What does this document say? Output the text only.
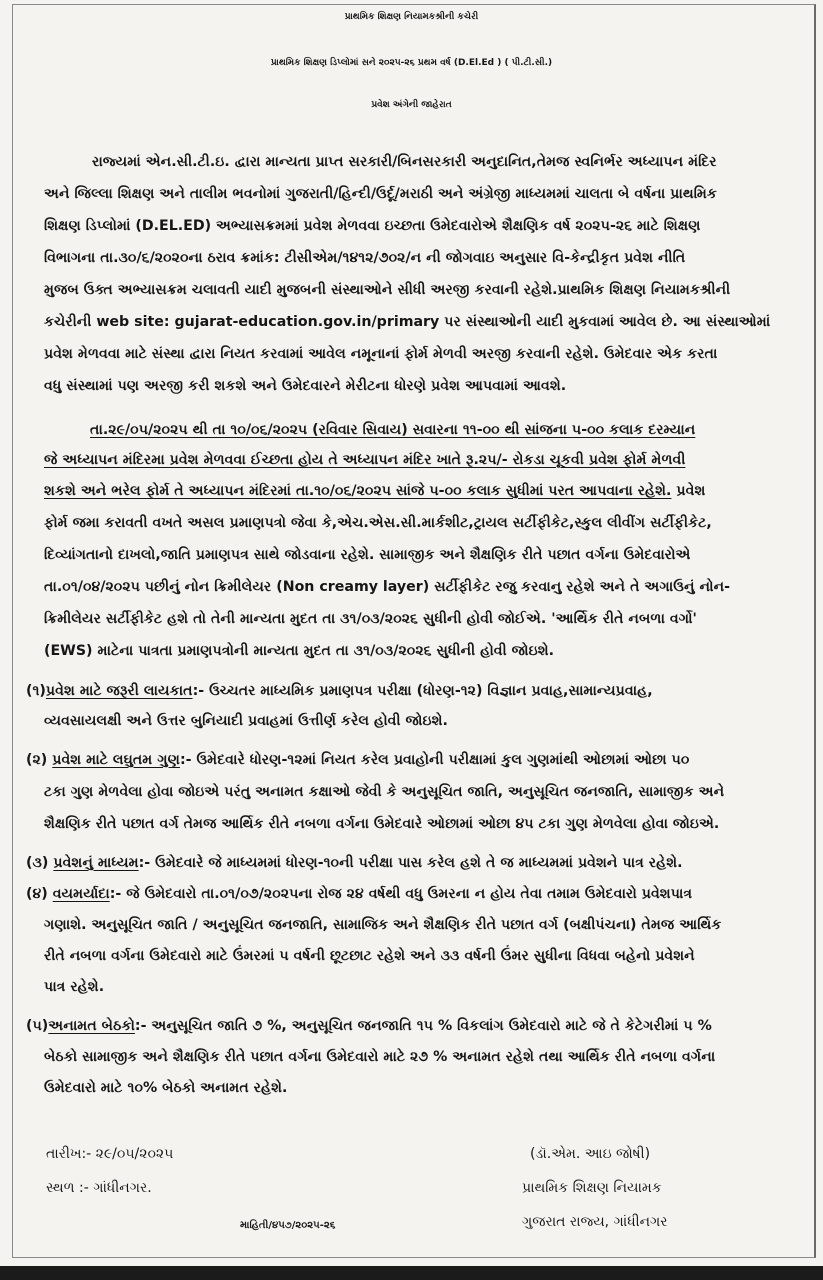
પ્રાથમિક શિક્ષણ નિયામકશ્રીની કચેરી
પ્રાથમિક શિક્ષણ ડિપ્લોમાં સને ૨૦૨૫-૨૬ પ્રથમ વર્ષ (D.El.Ed ) ( પી.ટી.સી.)
પ્રવેશ અંગેની જાહેરાત
રાજ્યમાં એન.સી.ટી.ઇ. દ્વારા માન્યતા પ્રાપ્ત સરકારી/બિનસરકારી અનુદાનિત,તેમજ સ્વનિર્ભર અધ્યાપન મંદિર
અને જિલ્લા શિક્ષણ અને તાલીમ ભવનોમાં ગુજરાતી/હિન્દી/ઉર્દૂ/મરાઠી અને અંગ્રેજી માધ્યમમાં ચાલતા બે વર્ષના પ્રાથમિક
શિક્ષણ ડિપ્લોમાં (D.EL.ED) અભ્યાસક્રમમાં પ્રવેશ મેળવવા ઇચ્છતા ઉમેદવારોએ શૈક્ષણિક વર્ષ ૨૦૨૫-૨૬ માટે શિક્ષણ
વિભાગના તા.૩૦/૬/૨૦૨૦ના ઠરાવ ક્રમાંક: ટીસીએમ/૧૪૧૨/૭૦૨/ન ની જોગવાઇ અનુસાર વિ-કેન્દ્રીકૃત પ્રવેશ નીતિ
મુજબ ઉક્ત અભ્યાસક્રમ ચલાવતી યાદી મુજબની સંસ્થાઓને સીધી અરજી કરવાની રહેશે.પ્રાથમિક શિક્ષણ નિયામકશ્રીની
કચેરીની web site: gujarat-education.gov.in/primary પર સંસ્થાઓની યાદી મુકવામાં આવેલ છે. આ સંસ્થાઓમાં
પ્રવેશ મેળવવા માટે સંસ્થા દ્વારા નિયત કરવામાં આવેલ નમૂનાનાં ફોર્મ મેળવી અરજી કરવાની રહેશે. ઉમેદવાર એક કરતા
વધુ સંસ્થામાં પણ અરજી કરી શકશે અને ઉમેદવારને મેરીટના ધોરણે પ્રવેશ આપવામાં આવશે.
તા.૨૯/૦૫/૨૦૨૫ થી તા ૧૦/૦૬/૨૦૨૫ (રવિવાર સિવાય) સવારના ૧૧-૦૦ થી સાંજના ૫-૦૦ કલાક દરમ્યાન
જે અધ્યાપન મંદિરમા પ્રવેશ મેળવવા ઈચ્છતા હોય તે અધ્યાપન મંદિર ખાતે રૂ.૨૫/- રોકડા ચૂકવી પ્રવેશ ફોર્મ મેળવી
શકશે અને ભરેલ ફોર્મ તે અધ્યાપન મંદિરમાં તા.૧૦/૦૬/૨૦૨૫ સાંજે ૫-૦૦ કલાક સુધીમાં પરત આપવાના રહેશે. પ્રવેશ
ફોર્મ જમા કરાવતી વખતે અસલ પ્રમાણપત્રો જેવા કે,એચ.એસ.સી.માર્કશીટ,ટ્રાયલ સર્ટીફીકેટ,સ્કુલ લીવીંગ સર્ટીફીકેટ,
દિવ્યાંગતાનો દાખલો,જાતિ પ્રમાણપત્ર સાથે જોડવાના રહેશે. સામાજીક અને શૈક્ષણિક રીતે પછાત વર્ગના ઉમેદવારોએ
તા.૦૧/૦૪/૨૦૨૫ પછીનું નોન ક્રિમીલેયર (Non creamy layer) સર્ટીફીકેટ રજુ કરવાનુ રહેશે અને તે અગાઉનું નોન-
ક્રિમીલેયર સર્ટીફીકેટ હશે તો તેની માન્યતા મુદત તા ૩૧/૦૩/૨૦૨૬ સુધીની હોવી જોઈએ. 'આર્થિક રીતે નબળા વર્ગો'
(EWS) માટેના પાત્રતા પ્રમાણપત્રોની માન્યતા મુદત તા ૩૧/૦૩/૨૦૨૬ સુધીની હોવી જોઇશે.
(૧)પ્રવેશ માટે જરૂરી લાયકાત:- ઉચ્ચતર માધ્યમિક પ્રમાણપત્ર પરીક્ષા (ધોરણ-૧૨) વિજ્ઞાન પ્રવાહ,સામાન્યપ્રવાહ,
વ્યવસાયલક્ષી અને ઉત્તર બુનિયાદી પ્રવાહમાં ઉત્તીર્ણ કરેલ હોવી જોઇશે.
(૨) પ્રવેશ માટે લઘુતમ ગુણ:- ઉમેદવારે ધોરણ-૧૨માં નિયત કરેલ પ્રવાહોની પરીક્ષામાં કુલ ગુણમાંથી ઓછામાં ઓછા ૫૦
ટકા ગુણ મેળવેલા હોવા જોઇએ પરંતુ અનામત કક્ષાઓ જેવી કે અનુસૂચિત જાતિ, અનુસૂચિત જનજાતિ, સામાજીક અને
શૈક્ષણિક રીતે પછાત વર્ગ તેમજ આર્થિક રીતે નબળા વર્ગના ઉમેદવારે ઓછામાં ઓછા ૪૫ ટકા ગુણ મેળવેલા હોવા જોઇએ.
(૩) પ્રવેશનું માધ્યમ:- ઉમેદવારે જે માધ્યમમાં ધોરણ-૧૦ની પરીક્ષા પાસ કરેલ હશે તે જ માધ્યમમાં પ્રવેશને પાત્ર રહેશે.
(૪) વયમર્યાદા:- જે ઉમેદવારો તા.૦૧/૦૭/૨૦૨૫ના રોજ ૨૪ વર્ષથી વધુ ઉમરના ન હોય તેવા તમામ ઉમેદવારો પ્રવેશપાત્ર
ગણાશે. અનુસૂચિત જાતિ / અનુસૂચિત જનજાતિ, સામાજિક અને શૈક્ષણિક રીતે પછાત વર્ગ (બક્ષીપંચના) તેમજ આર્થિક
રીતે નબળા વર્ગના ઉમેદવારો માટે ઉંમરમાં ૫ વર્ષની છૂટછાટ રહેશે અને ૩૩ વર્ષની ઉંમર સુધીના વિધવા બહેનો પ્રવેશને
પાત્ર રહેશે.
(૫)અનામત બેઠકો:- અનુસૂચિત જાતિ ૭ %, અનુસૂચિત જનજાતિ ૧૫ % વિકલાંગ ઉમેદવારો માટે જે તે કેટેગરીમાં ૫ %
બેઠકો સામાજીક અને શૈક્ષણિક રીતે પછાત વર્ગના ઉમેદવારો માટે ૨૭ % અનામત રહેશે તથા આર્થિક રીતે નબળા વર્ગના
ઉમેદવારો માટે ૧૦% બેઠકો અનામત રહેશે.
તારીખ:- ૨૯/૦૫/૨૦૨૫
સ્થળ :- ગાંધીનગર.
માહિતી/૪૫૭/૨૦૨૫-૨૬
(ડૉ.એમ. આઇ જોષી)
પ્રાથમિક શિક્ષણ નિયામક
ગુજરાત રાજ્ય, ગાંધીનગર
